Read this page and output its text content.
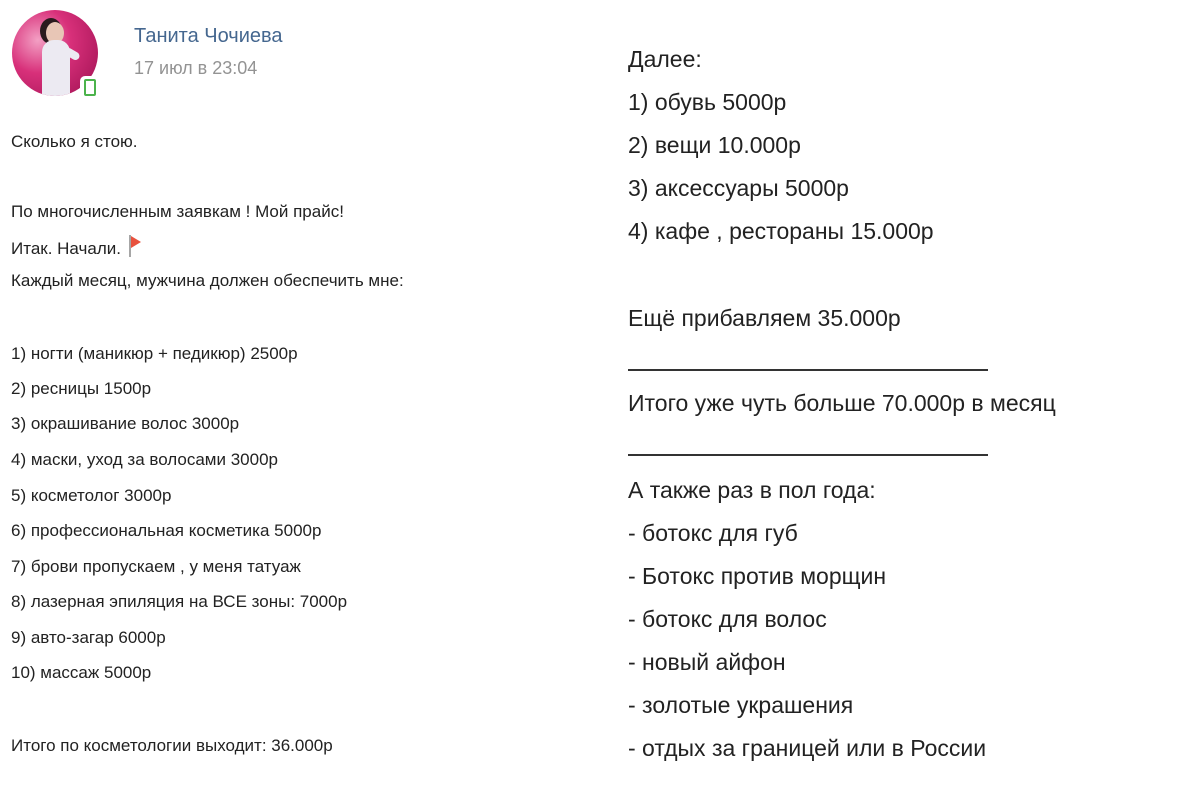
Танита Чочиева
17 июл в 23:04
Сколько я стою.
По многочисленным заявкам ! Мой прайс!
Итак. Начали.
Каждый месяц, мужчина должен обеспечить мне:
1) ногти (маникюр + педикюр) 2500р
2) ресницы 1500р
3) окрашивание волос 3000р
4) маски, уход за волосами 3000р
5) косметолог 3000р
6) профессиональная косметика 5000р
7) брови пропускаем , у меня татуаж
8) лазерная эпиляция на ВСЕ зоны: 7000р
9) авто-загар 6000р
10) массаж 5000р
Итого по косметологии выходит: 36.000р
Далее:
1) обувь 5000р
2) вещи 10.000р
3) аксессуары 5000р
4) кафе , рестораны 15.000р
Ещё прибавляем 35.000р
Итого уже чуть больше 70.000р в месяц
А также раз в пол года:
- ботокс для губ
- Ботокс против морщин
- ботокс для волос
- новый айфон
- золотые украшения
- отдых за границей или в России
